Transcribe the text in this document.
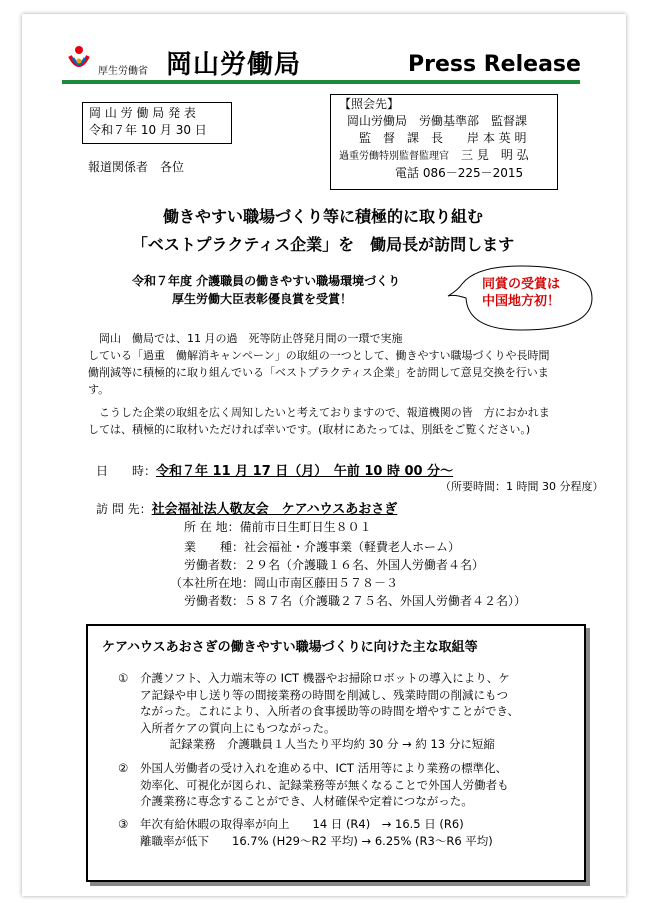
厚生労働省 岡山労働局	Press Release
岡 山 労 働 局 発 表
令和７年 10 月 30 日
【照会先】
岡山労働局　労働基準部　監督課
監　督　課　長　　岸 本 英 明
過重労働特別監督監理官　 三 見　明 弘
電話 086－225－2015
報道関係者　各位
働きやすい職場づくり等に積極的に取り組む
「ベストプラクティス企業」を　働局長が訪問します
令和７年度 介護職員の働きやすい職場環境づくり
厚生労働大臣表彰優良賞を受賞！
同賞の受賞は
中国地方初！

　岡山　働局では、11 月の過　死等防止啓発月間の一環で実施

している「過重　働解消キャンペーン」の取組の一つとして、働きやすい職場づくりや長時間

働削減等に積極的に取り組んでいる「ベストプラクティス企業」を訪問して意見交換を行いま

す。

　こうした企業の取組を広く周知したいと考えておりますので、報道機関の皆　方におかれま

しては、積極的に取材いただければ幸いです。(取材にあたっては、別紙をご覧ください｡)

日　　時：令和７年 11 月 17 日（月）　午前 10 時 00 分～
（所要時間：1 時間 30 分程度）
訪 問 先：社会福祉法人敬友会　ケアハウスあおさぎ
所 在 地：備前市日生町日生８０１
業　　種：社会福祉・介護事業（軽費老人ホーム）
労働者数：２９名（介護職１６名、外国人労働者４名）
（本社所在地：岡山市南区藤田５７８－３
労働者数：５８７名（介護職２７５名、外国人労働者４２名））
ケアハウスあおさぎの働きやすい職場づくりに向けた主な取組等
① 介護ソフト、入力端末等の ICT 機器やお掃除ロボットの導入により、ケ
ア記録や申し送り等の間接業務の時間を削減し、残業時間の削減にもつ
ながった。これにより、入所者の食事援助等の時間を増やすことができ、
入所者ケアの質向上にもつながった。
　記録業務　介護職員１人当たり平均約 30 分 → 約 13 分に短縮
② 外国人労働者の受け入れを進める中、ICT 活用等により業務の標準化、
効率化、可視化が図られ、記録業務等が無くなることで外国人労働者も
介護業務に専念することができ、人材確保や定着につながった。
③ 年次有給休暇の取得率が向上　　14 日 (R4)　→ 16.5 日 (R6)
離職率が低下　　16.7% (H29～R2 平均) → 6.25% (R3～R6 平均)
